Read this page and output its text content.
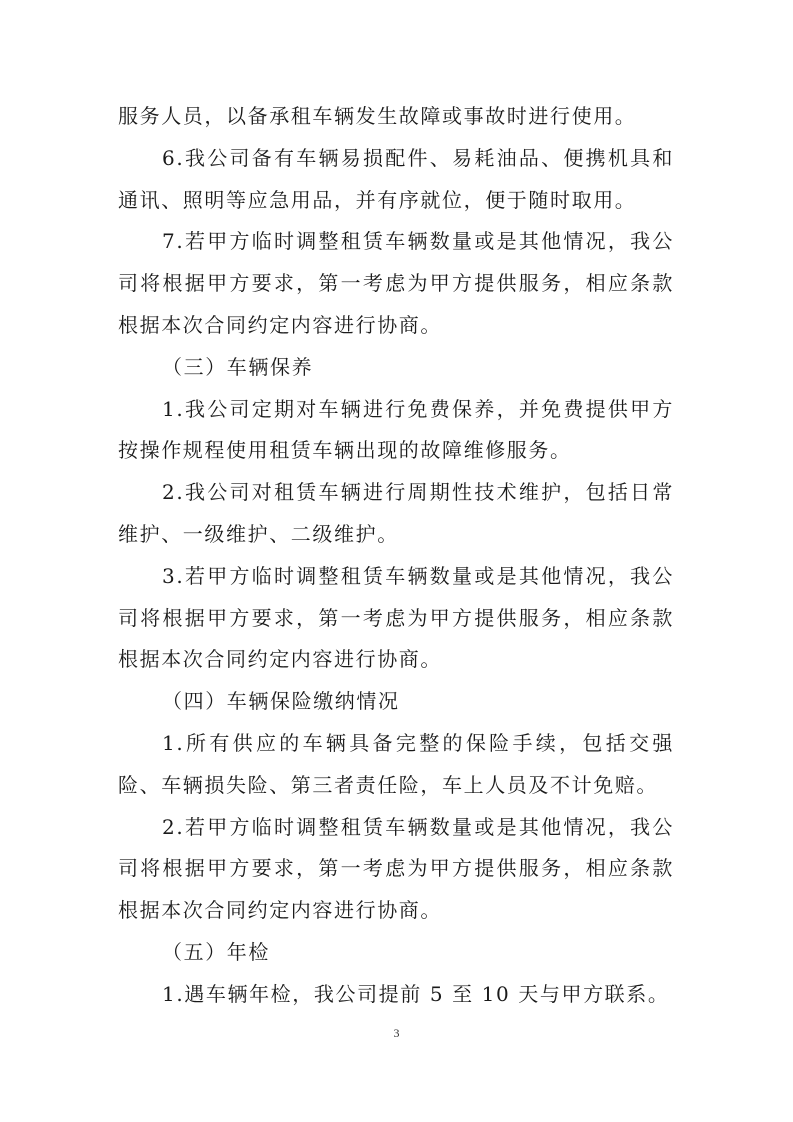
服务人员，以备承租车辆发生故障或事故时进行使用。

6.我公司备有车辆易损配件、易耗油品、便携机具和通讯、照明等应急用品，并有序就位，便于随时取用。

7.若甲方临时调整租赁车辆数量或是其他情况，我公司将根据甲方要求，第一考虑为甲方提供服务，相应条款根据本次合同约定内容进行协商。

（三）车辆保养

1.我公司定期对车辆进行免费保养，并免费提供甲方按操作规程使用租赁车辆出现的故障维修服务。

2.我公司对租赁车辆进行周期性技术维护，包括日常维护、一级维护、二级维护。

3.若甲方临时调整租赁车辆数量或是其他情况，我公司将根据甲方要求，第一考虑为甲方提供服务，相应条款根据本次合同约定内容进行协商。

（四）车辆保险缴纳情况

1.所有供应的车辆具备完整的保险手续，包括交强险、车辆损失险、第三者责任险，车上人员及不计免赔。

2.若甲方临时调整租赁车辆数量或是其他情况，我公司将根据甲方要求，第一考虑为甲方提供服务，相应条款根据本次合同约定内容进行协商。

（五）年检

1.遇车辆年检，我公司提前 5 至 10 天与甲方联系。

3
